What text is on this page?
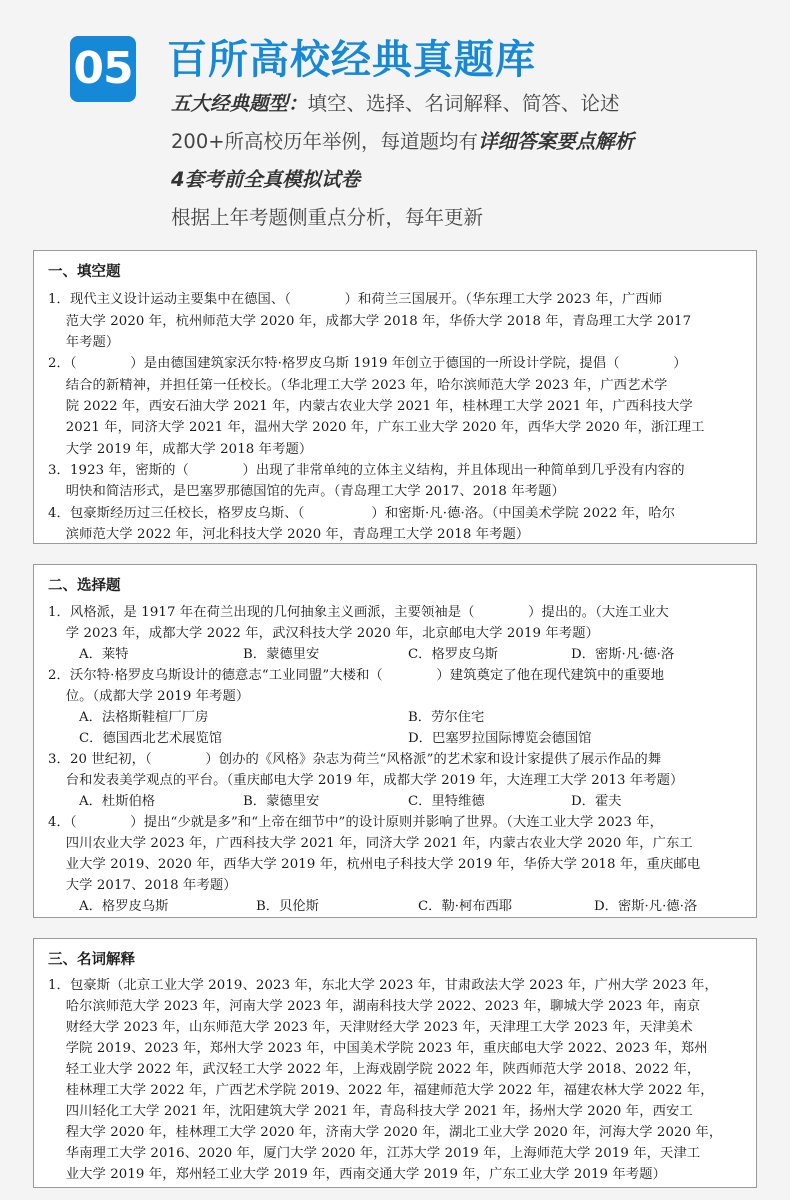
05 百所高校经典真题库
五大经典题型：填空、选择、名词解释、简答、论述
200+所高校历年举例，每道题均有详细答案要点解析
4套考前全真模拟试卷
根据上年考题侧重点分析，每年更新
一、填空题
1．现代主义设计运动主要集中在德国、（　　　　）和荷兰三国展开。（华东理工大学 2023 年，广西师
　 范大学 2020 年，杭州师范大学 2020 年，成都大学 2018 年，华侨大学 2018 年，青岛理工大学 2017
　 年考题）
2．（　　　　）是由德国建筑家沃尔特·格罗皮乌斯 1919 年创立于德国的一所设计学院，提倡（　　　　）
　 结合的新精神，并担任第一任校长。（华北理工大学 2023 年，哈尔滨师范大学 2023 年，广西艺术学
　 院 2022 年，西安石油大学 2021 年，内蒙古农业大学 2021 年，桂林理工大学 2021 年，广西科技大学
　 2021 年，同济大学 2021 年，温州大学 2020 年，广东工业大学 2020 年，西华大学 2020 年，浙江理工
　 大学 2019 年，成都大学 2018 年考题）
3．1923 年，密斯的（　　　　）出现了非常单纯的立体主义结构，并且体现出一种简单到几乎没有内容的
　 明快和简洁形式，是巴塞罗那德国馆的先声。（青岛理工大学 2017、2018 年考题）
4．包豪斯经历过三任校长，格罗皮乌斯、（　　　　　）和密斯·凡·德·洛。（中国美术学院 2022 年，哈尔
　 滨师范大学 2022 年，河北科技大学 2020 年，青岛理工大学 2018 年考题）
二、选择题
1．风格派，是 1917 年在荷兰出现的几何抽象主义画派，主要领袖是（　　　　）提出的。（大连工业大
　 学 2023 年，成都大学 2022 年，武汉科技大学 2020 年，北京邮电大学 2019 年考题）
A．莱特	B．蒙德里安	C．格罗皮乌斯	D．密斯·凡·德·洛
2．沃尔特·格罗皮乌斯设计的德意志“工业同盟”大楼和（　　　　）建筑奠定了他在现代建筑中的重要地
　 位。（成都大学 2019 年考题）
A．法格斯鞋楦厂厂房	B．劳尔住宅
C．德国西北艺术展览馆	D．巴塞罗拉国际博览会德国馆
3．20 世纪初，（　　　　）创办的《风格》杂志为荷兰“风格派”的艺术家和设计家提供了展示作品的舞
　 台和发表美学观点的平台。（重庆邮电大学 2019 年，成都大学 2019 年，大连理工大学 2013 年考题）
A．杜斯伯格	B．蒙德里安	C．里特维德	D．霍夫
4．（　　　　）提出“少就是多”和“上帝在细节中”的设计原则并影响了世界。（大连工业大学 2023 年，
　 四川农业大学 2023 年，广西科技大学 2021 年，同济大学 2021 年，内蒙古农业大学 2020 年，广东工
　 业大学 2019、2020 年，西华大学 2019 年，杭州电子科技大学 2019 年，华侨大学 2018 年，重庆邮电
　 大学 2017、2018 年考题）
A．格罗皮乌斯	B．贝伦斯	C．勒·柯布西耶	D．密斯·凡·德·洛
三、名词解释
1．包豪斯（北京工业大学 2019、2023 年，东北大学 2023 年，甘肃政法大学 2023 年，广州大学 2023 年，
　 哈尔滨师范大学 2023 年，河南大学 2023 年，湖南科技大学 2022、2023 年，聊城大学 2023 年，南京
　 财经大学 2023 年，山东师范大学 2023 年，天津财经大学 2023 年，天津理工大学 2023 年，天津美术
　 学院 2019、2023 年，郑州大学 2023 年，中国美术学院 2023 年，重庆邮电大学 2022、2023 年，郑州
　 轻工业大学 2022 年，武汉轻工大学 2022 年，上海戏剧学院 2022 年，陕西师范大学 2018、2022 年，
　 桂林理工大学 2022 年，广西艺术学院 2019、2022 年，福建师范大学 2022 年，福建农林大学 2022 年，
　 四川轻化工大学 2021 年，沈阳建筑大学 2021 年，青岛科技大学 2021 年，扬州大学 2020 年，西安工
　 程大学 2020 年，桂林理工大学 2020 年，济南大学 2020 年，湖北工业大学 2020 年，河海大学 2020 年，
　 华南理工大学 2016、2020 年，厦门大学 2020 年，江苏大学 2019 年，上海师范大学 2019 年，天津工
　 业大学 2019 年，郑州轻工业大学 2019 年，西南交通大学 2019 年，广东工业大学 2019 年考题）
